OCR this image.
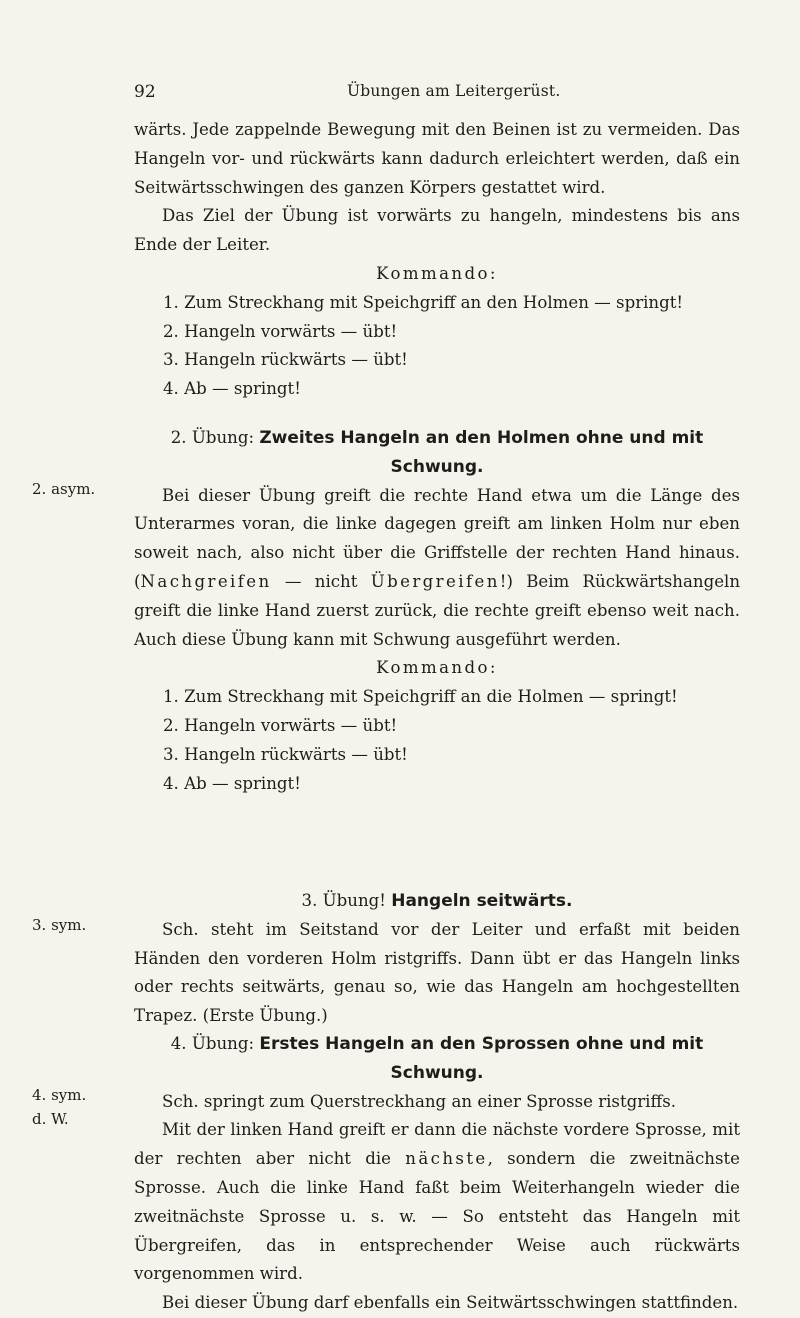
92	Übungen am Leitergerüst.

wärts. Jede zappelnde Bewegung mit den Beinen ist zu vermeiden. Das Hangeln vor- und rückwärts kann dadurch erleichtert werden, daß ein Seitwärtsschwingen des ganzen Körpers gestattet wird.

Das Ziel der Übung ist vorwärts zu hangeln, mindestens bis ans Ende der Leiter.

Kommando:

1. Zum Streckhang mit Speichgriff an den Holmen — springt!
2. Hangeln vorwärts — übt!
3. Hangeln rückwärts — übt!
4. Ab — springt!

2. Übung: Zweites Hangeln an den Holmen ohne und mit Schwung.

Bei dieser Übung greift die rechte Hand etwa um die Länge des Unterarmes voran, die linke dagegen greift am linken Holm nur eben soweit nach, also nicht über die Griffstelle der rechten Hand hinaus. (Nachgreifen — nicht Übergreifen!) Beim Rückwärtshangeln greift die linke Hand zuerst zurück, die rechte greift ebenso weit nach. Auch diese Übung kann mit Schwung ausgeführt werden.

Kommando:

1. Zum Streckhang mit Speichgriff an die Holmen — springt!
2. Hangeln vorwärts — übt!
3. Hangeln rückwärts — übt!
4. Ab — springt!
2. asym.

3. Übung! Hangeln seitwärts.

Sch. steht im Seitstand vor der Leiter und erfaßt mit beiden Händen den vorderen Holm ristgriffs. Dann übt er das Hangeln links oder rechts seitwärts, genau so, wie das Hangeln am hochgestellten Trapez. (Erste Übung.)

3. sym.

4. Übung: Erstes Hangeln an den Sprossen ohne und mit Schwung.

Sch. springt zum Querstreckhang an einer Sprosse ristgriffs.

Mit der linken Hand greift er dann die nächste vordere Sprosse, mit der rechten aber nicht die nächste, sondern die zweitnächste Sprosse. Auch die linke Hand faßt beim Weiterhangeln wieder die zweitnächste Sprosse u. s. w. — So entsteht das Hangeln mit Übergreifen, das in entsprechender Weise auch rückwärts vorgenommen wird.

Bei dieser Übung darf ebenfalls ein Seitwärtsschwingen stattfinden.

4. sym.
d. W.
